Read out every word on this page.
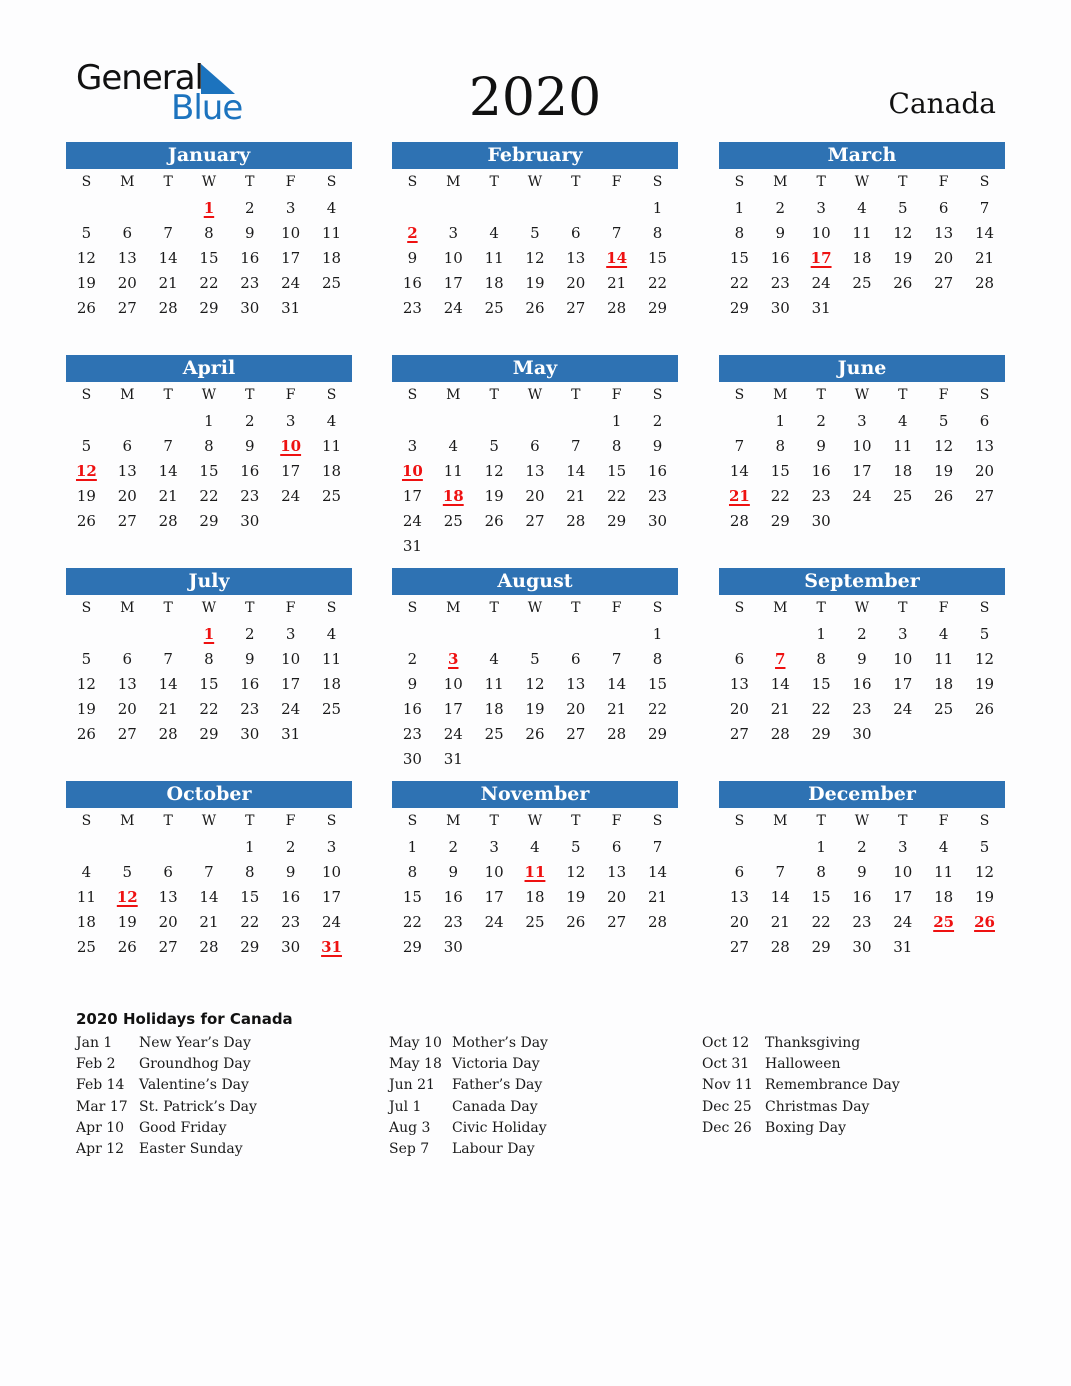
General
Blue	2020	Canada
January
S	M	T	W	T	F	S
			1	2	3	4
5	6	7	8	9	10	11
12	13	14	15	16	17	18
19	20	21	22	23	24	25
26	27	28	29	30	31	
February
S	M	T	W	T	F	S
						1
2	3	4	5	6	7	8
9	10	11	12	13	14	15
16	17	18	19	20	21	22
23	24	25	26	27	28	29
March
S	M	T	W	T	F	S
1	2	3	4	5	6	7
8	9	10	11	12	13	14
15	16	17	18	19	20	21
22	23	24	25	26	27	28
29	30	31				
April
S	M	T	W	T	F	S
			1	2	3	4
5	6	7	8	9	10	11
12	13	14	15	16	17	18
19	20	21	22	23	24	25
26	27	28	29	30		
May
S	M	T	W	T	F	S
					1	2
3	4	5	6	7	8	9
10	11	12	13	14	15	16
17	18	19	20	21	22	23
24	25	26	27	28	29	30
31						
June
S	M	T	W	T	F	S
	1	2	3	4	5	6
7	8	9	10	11	12	13
14	15	16	17	18	19	20
21	22	23	24	25	26	27
28	29	30				
July
S	M	T	W	T	F	S
			1	2	3	4
5	6	7	8	9	10	11
12	13	14	15	16	17	18
19	20	21	22	23	24	25
26	27	28	29	30	31	
August
S	M	T	W	T	F	S
						1
2	3	4	5	6	7	8
9	10	11	12	13	14	15
16	17	18	19	20	21	22
23	24	25	26	27	28	29
30	31					
September
S	M	T	W	T	F	S
		1	2	3	4	5
6	7	8	9	10	11	12
13	14	15	16	17	18	19
20	21	22	23	24	25	26
27	28	29	30			
October
S	M	T	W	T	F	S
				1	2	3
4	5	6	7	8	9	10
11	12	13	14	15	16	17
18	19	20	21	22	23	24
25	26	27	28	29	30	31
November
S	M	T	W	T	F	S
1	2	3	4	5	6	7
8	9	10	11	12	13	14
15	16	17	18	19	20	21
22	23	24	25	26	27	28
29	30					
December
S	M	T	W	T	F	S
		1	2	3	4	5
6	7	8	9	10	11	12
13	14	15	16	17	18	19
20	21	22	23	24	25	26
27	28	29	30	31		
2020 Holidays for Canada
Jan 1 New Year’s Day
Feb 2 Groundhog Day
Feb 14 Valentine’s Day
Mar 17 St. Patrick’s Day
Apr 10 Good Friday
Apr 12 Easter Sunday
May 10 Mother’s Day
May 18 Victoria Day
Jun 21 Father’s Day
Jul 1 Canada Day
Aug 3 Civic Holiday
Sep 7 Labour Day
Oct 12 Thanksgiving
Oct 31 Halloween
Nov 11 Remembrance Day
Dec 25 Christmas Day
Dec 26 Boxing Day
